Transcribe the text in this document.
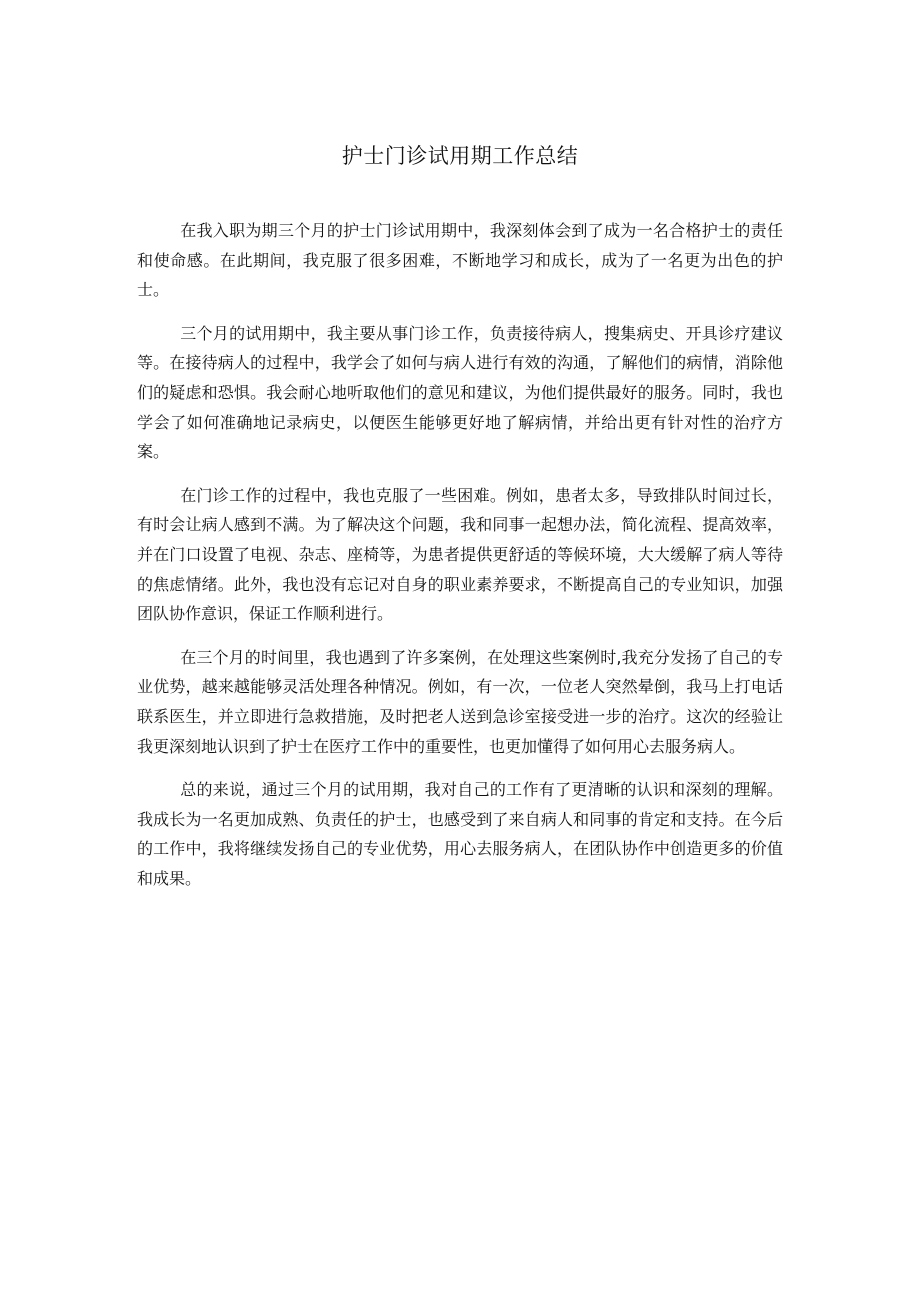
护士门诊试用期工作总结

在我入职为期三个月的护士门诊试用期中，我深刻体会到了成为一名合格护士的责任和使命感。在此期间，我克服了很多困难，不断地学习和成长，成为了一名更为出色的护士。

三个月的试用期中，我主要从事门诊工作，负责接待病人，搜集病史、开具诊疗建议等。在接待病人的过程中，我学会了如何与病人进行有效的沟通，了解他们的病情，消除他们的疑虑和恐惧。我会耐心地听取他们的意见和建议，为他们提供最好的服务。同时，我也学会了如何准确地记录病史，以便医生能够更好地了解病情，并给出更有针对性的治疗方案。

在门诊工作的过程中，我也克服了一些困难。例如，患者太多，导致排队时间过长，有时会让病人感到不满。为了解决这个问题，我和同事一起想办法，简化流程、提高效率，并在门口设置了电视、杂志、座椅等，为患者提供更舒适的等候环境，大大缓解了病人等待的焦虑情绪。此外，我也没有忘记对自身的职业素养要求，不断提高自己的专业知识，加强团队协作意识，保证工作顺利进行。

在三个月的时间里，我也遇到了许多案例，在处理这些案例时,我充分发扬了自己的专业优势，越来越能够灵活处理各种情况。例如，有一次，一位老人突然晕倒，我马上打电话联系医生，并立即进行急救措施，及时把老人送到急诊室接受进一步的治疗。这次的经验让我更深刻地认识到了护士在医疗工作中的重要性，也更加懂得了如何用心去服务病人。

总的来说，通过三个月的试用期，我对自己的工作有了更清晰的认识和深刻的理解。我成长为一名更加成熟、负责任的护士，也感受到了来自病人和同事的肯定和支持。在今后的工作中，我将继续发扬自己的专业优势，用心去服务病人，在团队协作中创造更多的价值和成果。
